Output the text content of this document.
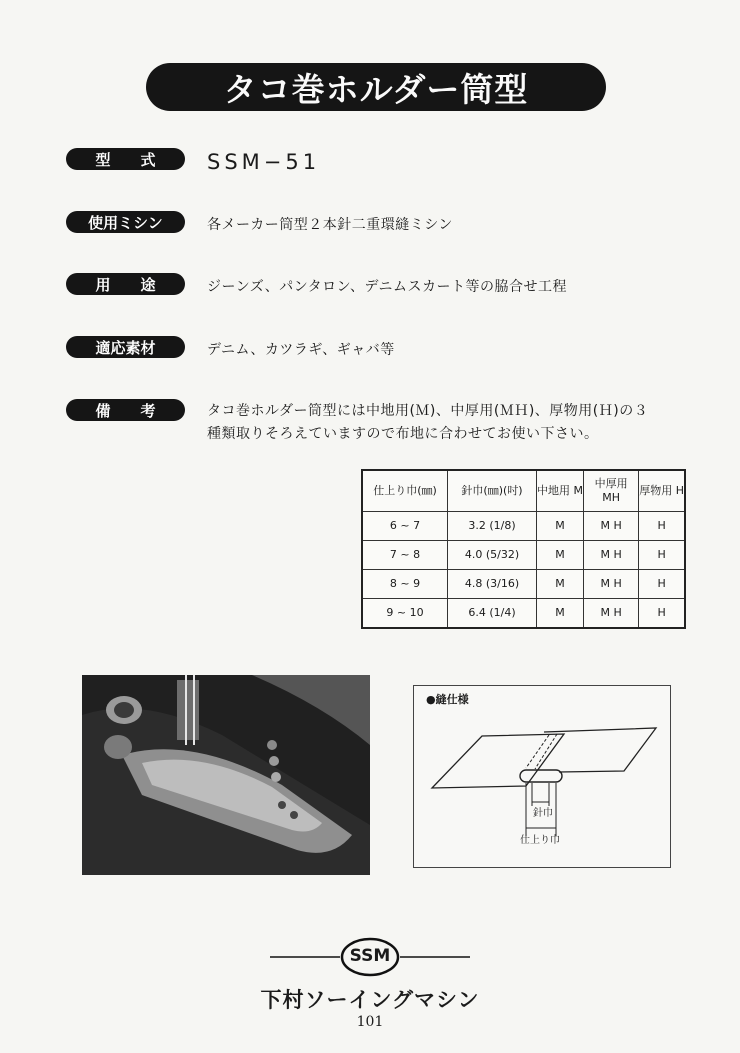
タコ巻ホルダー筒型
型　　式 SSM−51
使用ミシン	各メーカー筒型２本針二重環縫ミシン
用　　途	ジーンズ、パンタロン、デニムスカート等の脇合せ工程
適応素材	デニム、カツラギ、ギャバ等
備　　考	タコ巻ホルダー筒型には中地用(Ｍ)、中厚用(ＭＨ)、厚物用(Ｈ)の３
種類取りそろえていますので布地に合わせてお使い下さい。
仕上り巾(㎜)	針巾(㎜)(吋)	中地用 M	中厚用 MH	厚物用 H
6 ~ 7	3.2 (1/8)	M	M H	H
7 ~ 8	4.0 (5/32)	M	M H	H
8 ~ 9	4.8 (3/16)	M	M H	H
9 ~ 10	6.4 (1/4)	M	M H	H
●縫仕様
針巾
仕上り巾
SSM
下村ソーイングマシン
101
